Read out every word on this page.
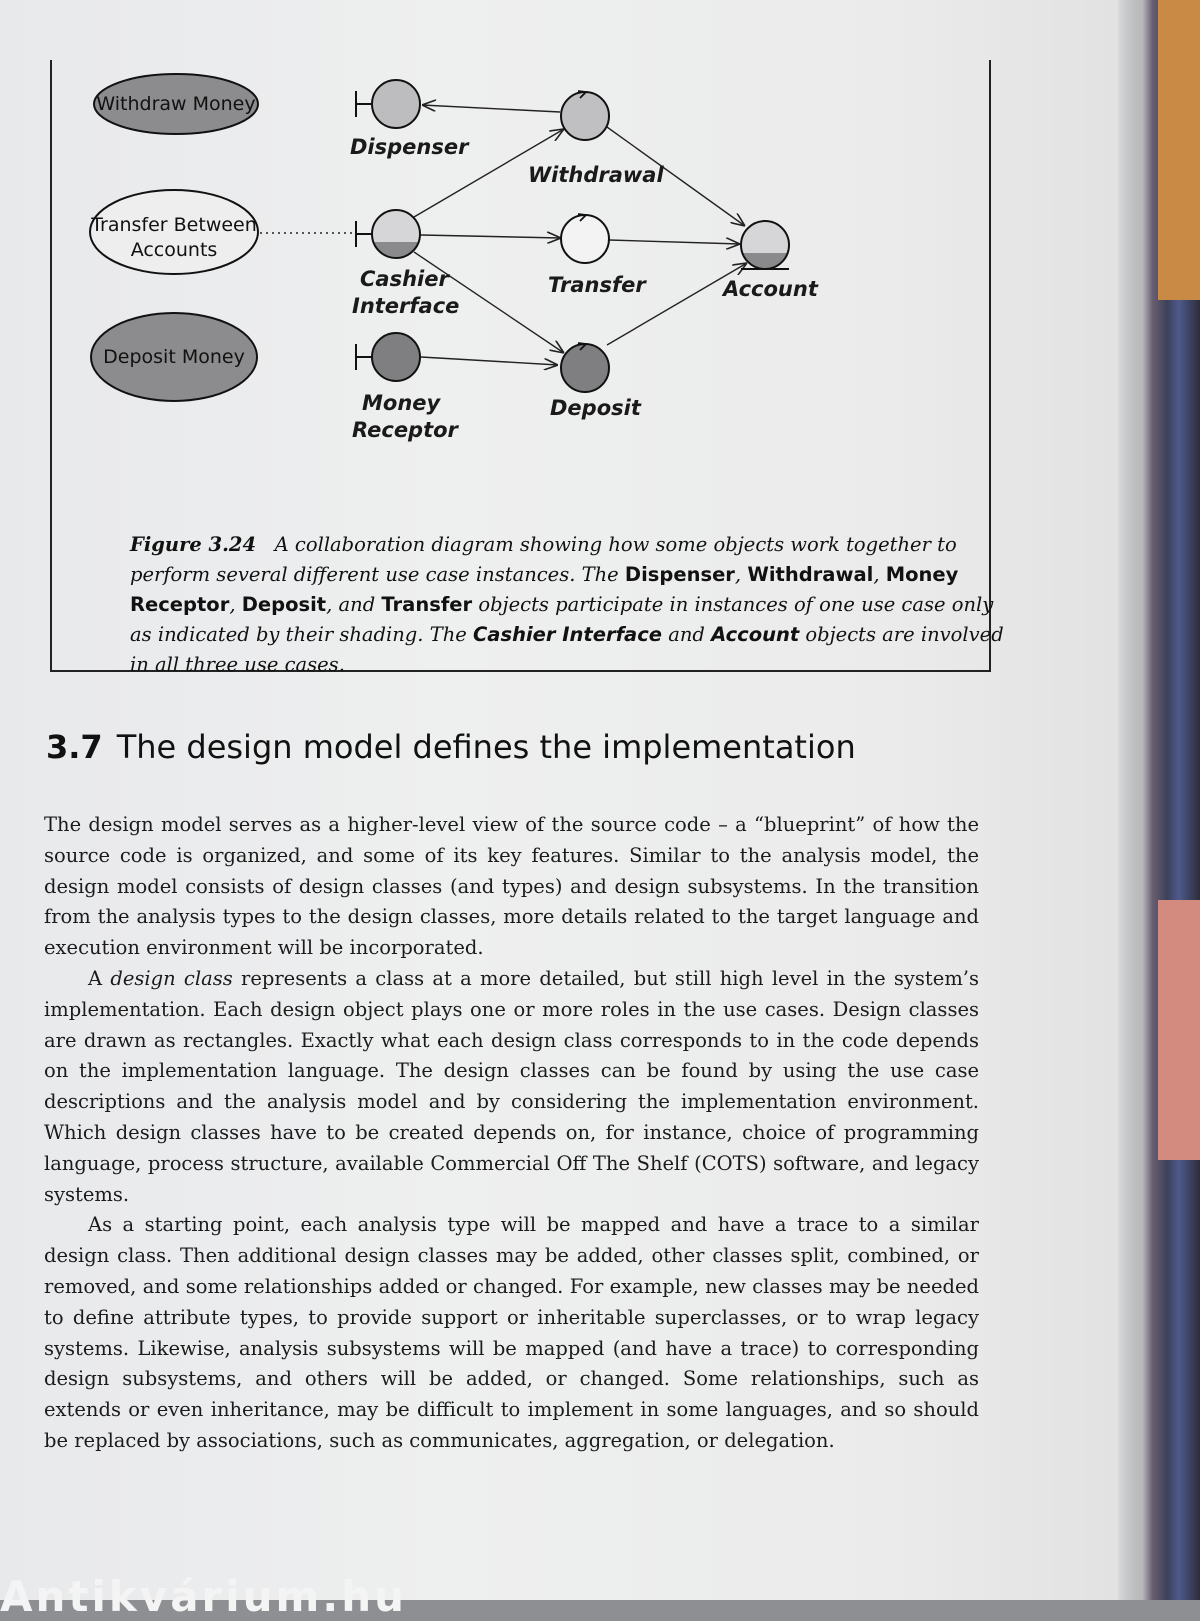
Withdraw Money
Transfer Between
Accounts
Deposit Money
Dispenser
Withdrawal
Cashier
Interface
Transfer	Account
Money
Receptor
Deposit

Figure 3.24 A collaboration diagram showing how some objects work together to perform several different use case instances. The Dispenser, Withdrawal, Money Receptor, Deposit, and Transfer objects participate in instances of one use case only as indicated by their shading. The Cashier Interface and Account objects are involved in all three use cases.

3.7 The design model defines the implementation

The design model serves as a higher-level view of the source code – a “blueprint” of how the source code is organized, and some of its key features. Similar to the analysis model, the design model consists of design classes (and types) and design subsystems. In the transition from the analysis types to the design classes, more details related to the target language and execution environment will be incorporated.

A design class represents a class at a more detailed, but still high level in the system’s implementation. Each design object plays one or more roles in the use cases. Design classes are drawn as rectangles. Exactly what each design class corresponds to in the code depends on the implementation language. The design classes can be found by using the use case descriptions and the analysis model and by considering the implementation environment. Which design classes have to be created depends on, for instance, choice of programming language, process structure, available Commercial Off The Shelf (COTS) software, and legacy systems.

As a starting point, each analysis type will be mapped and have a trace to a similar design class. Then additional design classes may be added, other classes split, combined, or removed, and some relationships added or changed. For example, new classes may be needed to define attribute types, to provide support or inheritable superclasses, or to wrap legacy systems. Likewise, analysis subsystems will be mapped (and have a trace) to corresponding design subsystems, and others will be added, or changed. Some relationships, such as extends or even inheritance, may be difficult to implement in some languages, and so should be replaced by associations, such as communicates, aggregation, or delegation.

Antikvárium.hu
